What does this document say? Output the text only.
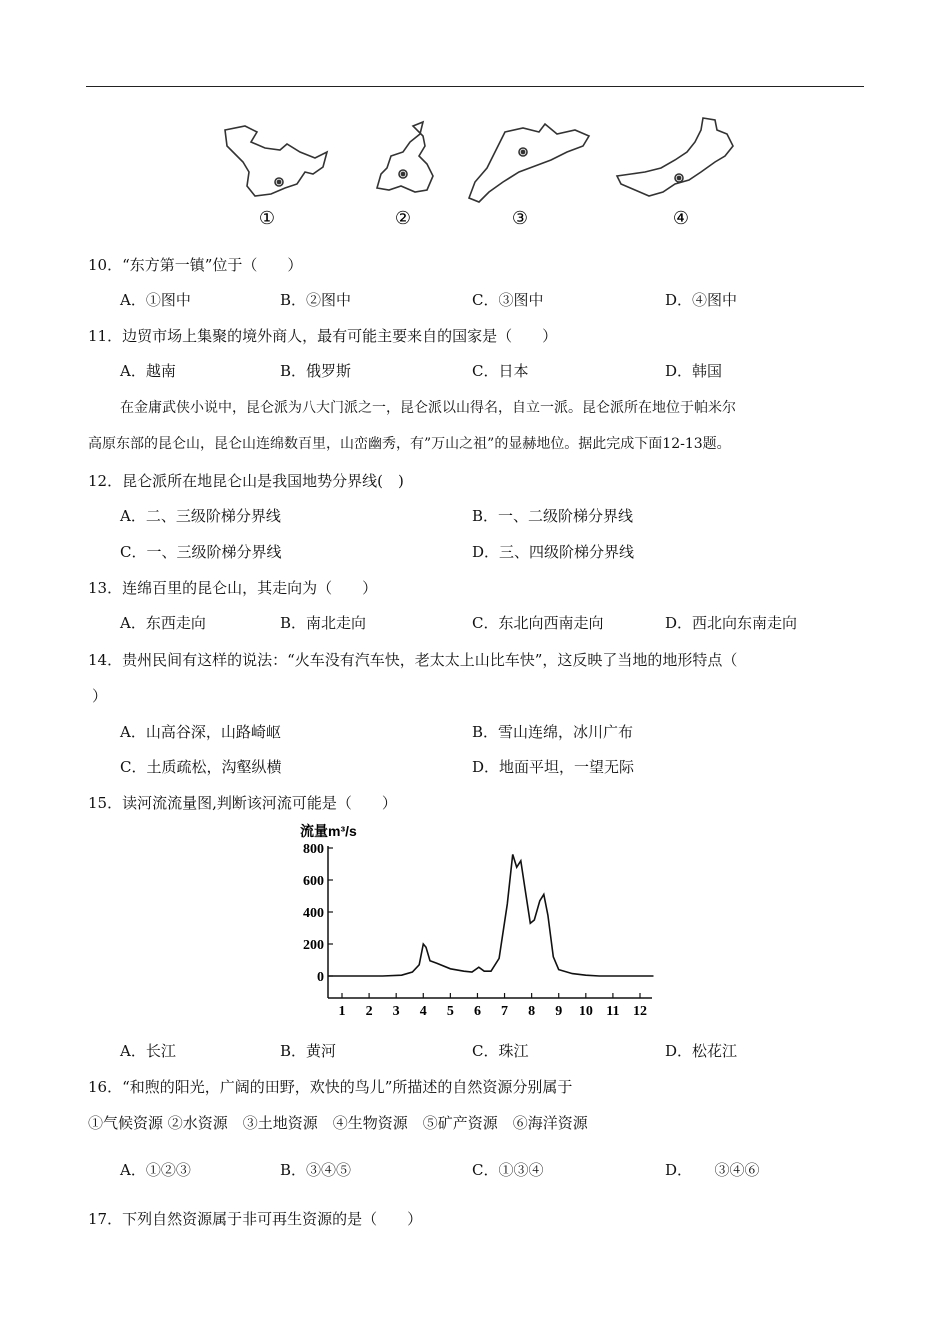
①	②	③	④
10．“东方第一镇”位于（　　）
A．①图中	B．②图中	C．③图中	D．④图中
11．边贸市场上集聚的境外商人，最有可能主要来自的国家是（　　）
A．越南	B．俄罗斯	C．日本	D．韩国
在金庸武侠小说中，昆仑派为八大门派之一，昆仑派以山得名，自立一派。昆仑派所在地位于帕米尔
高原东部的昆仑山，昆仑山连绵数百里，山峦幽秀，有”万山之祖”的显赫地位。据此完成下面12-13题。
12．昆仑派所在地昆仑山是我国地势分界线(　)
A．二、三级阶梯分界线	B．一、二级阶梯分界线
C．一、三级阶梯分界线	D．三、四级阶梯分界线
13．连绵百里的昆仑山，其走向为（　　）
A．东西走向	B．南北走向	C．东北向西南走向	D．西北向东南走向
14．贵州民间有这样的说法：“火车没有汽车快，老太太上山比车快”，这反映了当地的地形特点（
）
A．山高谷深，山路崎岖	B．雪山连绵，冰川广布
C．土质疏松，沟壑纵横	D．地面平坦，一望无际
15．读河流流量图,判断该河流可能是（　　）
流量m³/s
800
600
400
200
0
1 2 3 4 5 6 7 8 9 10 11 12
A．长江	B．黄河	C．珠江	D．松花江
16．“和煦的阳光，广阔的田野，欢快的鸟儿”所描述的自然资源分别属于
①气候资源 ②水资源　③土地资源　④生物资源　⑤矿产资源　⑥海洋资源
A．①②③	B．③④⑤	C．①③④	D．　　③④⑥
17．下列自然资源属于非可再生资源的是（　　）
